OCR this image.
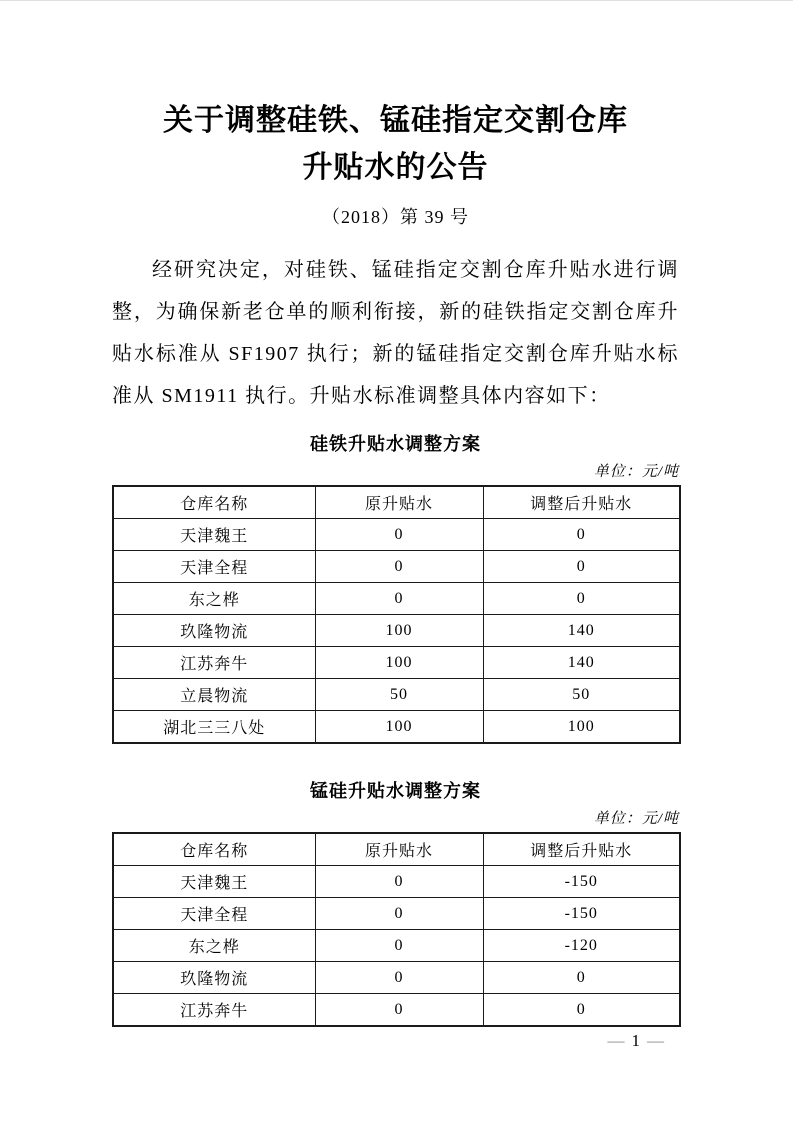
关于调整硅铁、锰硅指定交割仓库
升贴水的公告

（2018）第 39 号

经研究决定，对硅铁、锰硅指定交割仓库升贴水进行调整，为确保新老仓单的顺利衔接，新的硅铁指定交割仓库升贴水标准从 SF1907 执行；新的锰硅指定交割仓库升贴水标准从 SM1911 执行。升贴水标准调整具体内容如下：

硅铁升贴水调整方案

单位：元/吨

仓库名称	原升贴水	调整后升贴水
天津魏王	0	0
天津全程	0	0
东之桦	0	0
玖隆物流	100	140
江苏奔牛	100	140
立晨物流	50	50
湖北三三八处	100	100
锰硅升贴水调整方案

单位：元/吨

仓库名称	原升贴水	调整后升贴水
天津魏王	0	-150
天津全程	0	-150
东之桦	0	-120
玖隆物流	0	0
江苏奔牛	0	0
— 1 —
